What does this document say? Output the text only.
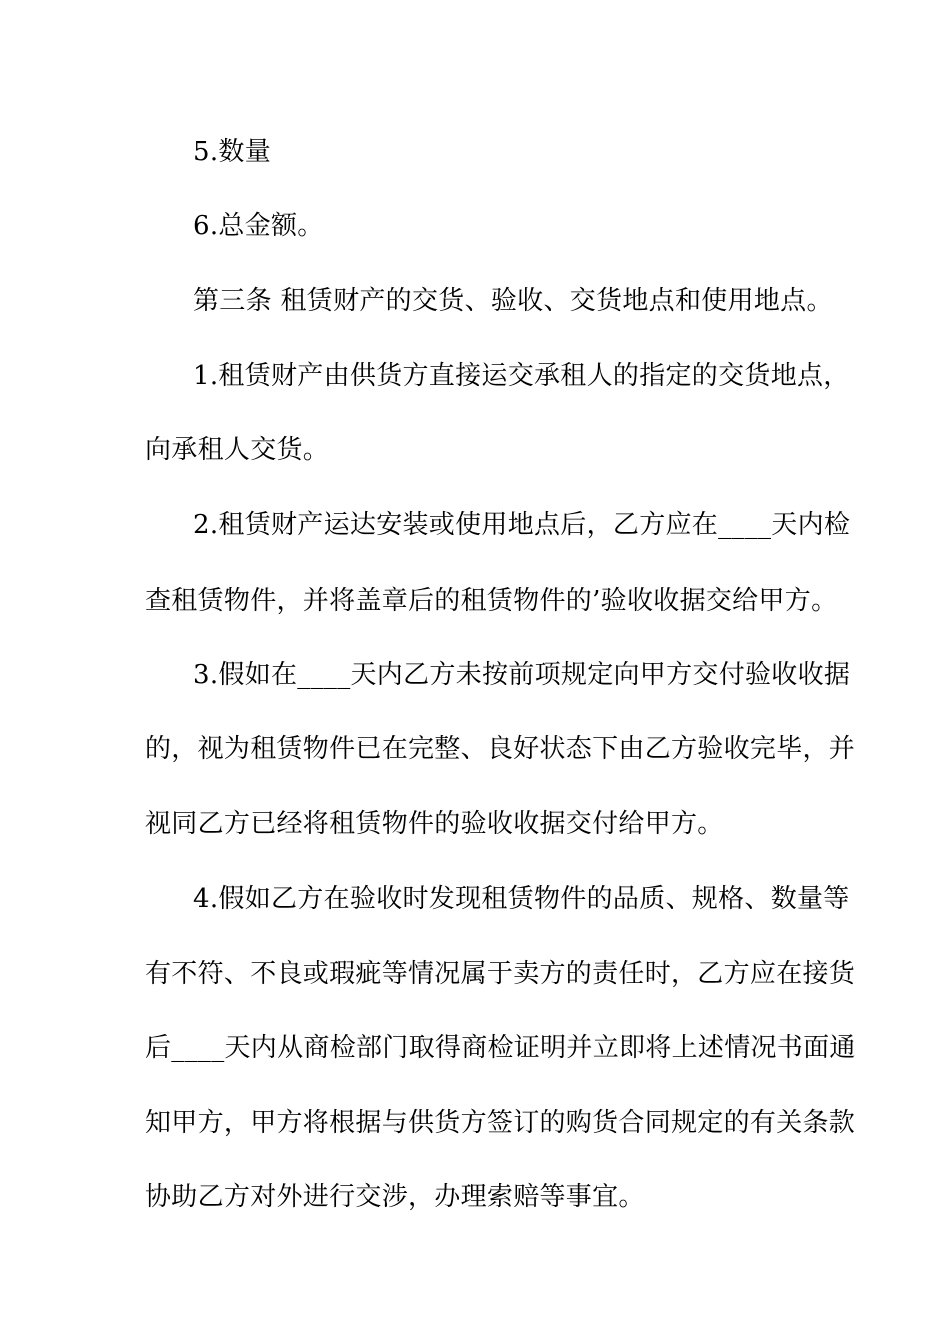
5.数量
6.总金额。
第三条 租赁财产的交货、验收、交货地点和使用地点。
1.租赁财产由供货方直接运交承租人的指定的交货地点，
向承租人交货。
2.租赁财产运达安装或使用地点后，乙方应在____天内检
查租赁物件，并将盖章后的租赁物件的’验收收据交给甲方。
3.假如在____天内乙方未按前项规定向甲方交付验收收据
的，视为租赁物件已在完整、良好状态下由乙方验收完毕，并
视同乙方已经将租赁物件的验收收据交付给甲方。
4.假如乙方在验收时发现租赁物件的品质、规格、数量等
有不符、不良或瑕疵等情况属于卖方的责任时，乙方应在接货
后____天内从商检部门取得商检证明并立即将上述情况书面通
知甲方，甲方将根据与供货方签订的购货合同规定的有关条款
协助乙方对外进行交涉，办理索赔等事宜。
